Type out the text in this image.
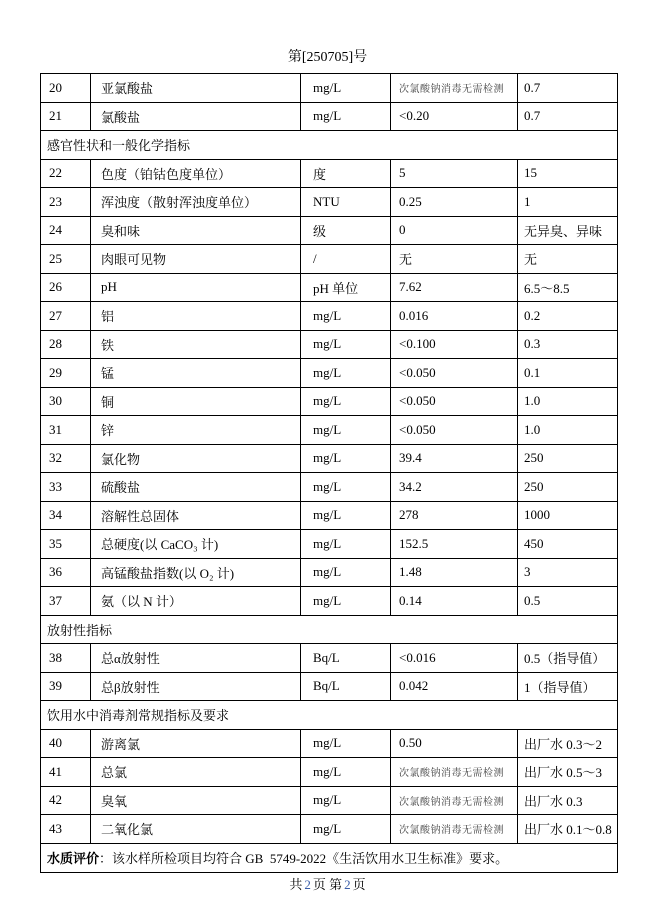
第[250705]号
20	亚氯酸盐	mg/L	次氯酸钠消毒无需检测	0.7
21	氯酸盐	mg/L	<0.20	0.7
感官性状和一般化学指标
22	色度（铂钴色度单位）	度	5	15
23	浑浊度（散射浑浊度单位）	NTU	0.25	1
24	臭和味	级	0	无异臭、异味
25	肉眼可见物	/	无	无
26	pH	pH 单位	7.62	6.5～8.5
27	铝	mg/L	0.016	0.2
28	铁	mg/L	<0.100	0.3
29	锰	mg/L	<0.050	0.1
30	铜	mg/L	<0.050	1.0
31	锌	mg/L	<0.050	1.0
32	氯化物	mg/L	39.4	250
33	硫酸盐	mg/L	34.2	250
34	溶解性总固体	mg/L	278	1000
35	总硬度(以 CaCO₃ 计)	mg/L	152.5	450
36	高锰酸盐指数(以 O₂ 计)	mg/L	1.48	3
37	氨（以 N 计）	mg/L	0.14	0.5
放射性指标
38	总α放射性	Bq/L	<0.016	0.5（指导值）
39	总β放射性	Bq/L	0.042	1（指导值）
饮用水中消毒剂常规指标及要求
40	游离氯	mg/L	0.50	出厂水 0.3～2
41	总氯	mg/L	次氯酸钠消毒无需检测	出厂水 0.5～3
42	臭氧	mg/L	次氯酸钠消毒无需检测	出厂水 0.3
43	二氧化氯	mg/L	次氯酸钠消毒无需检测	出厂水 0.1～0.8
水质评价 ：该水样所检项目均符合 GB  5749-2022《生活饮用水卫生标准》要求。
共 2 页 第 2 页
